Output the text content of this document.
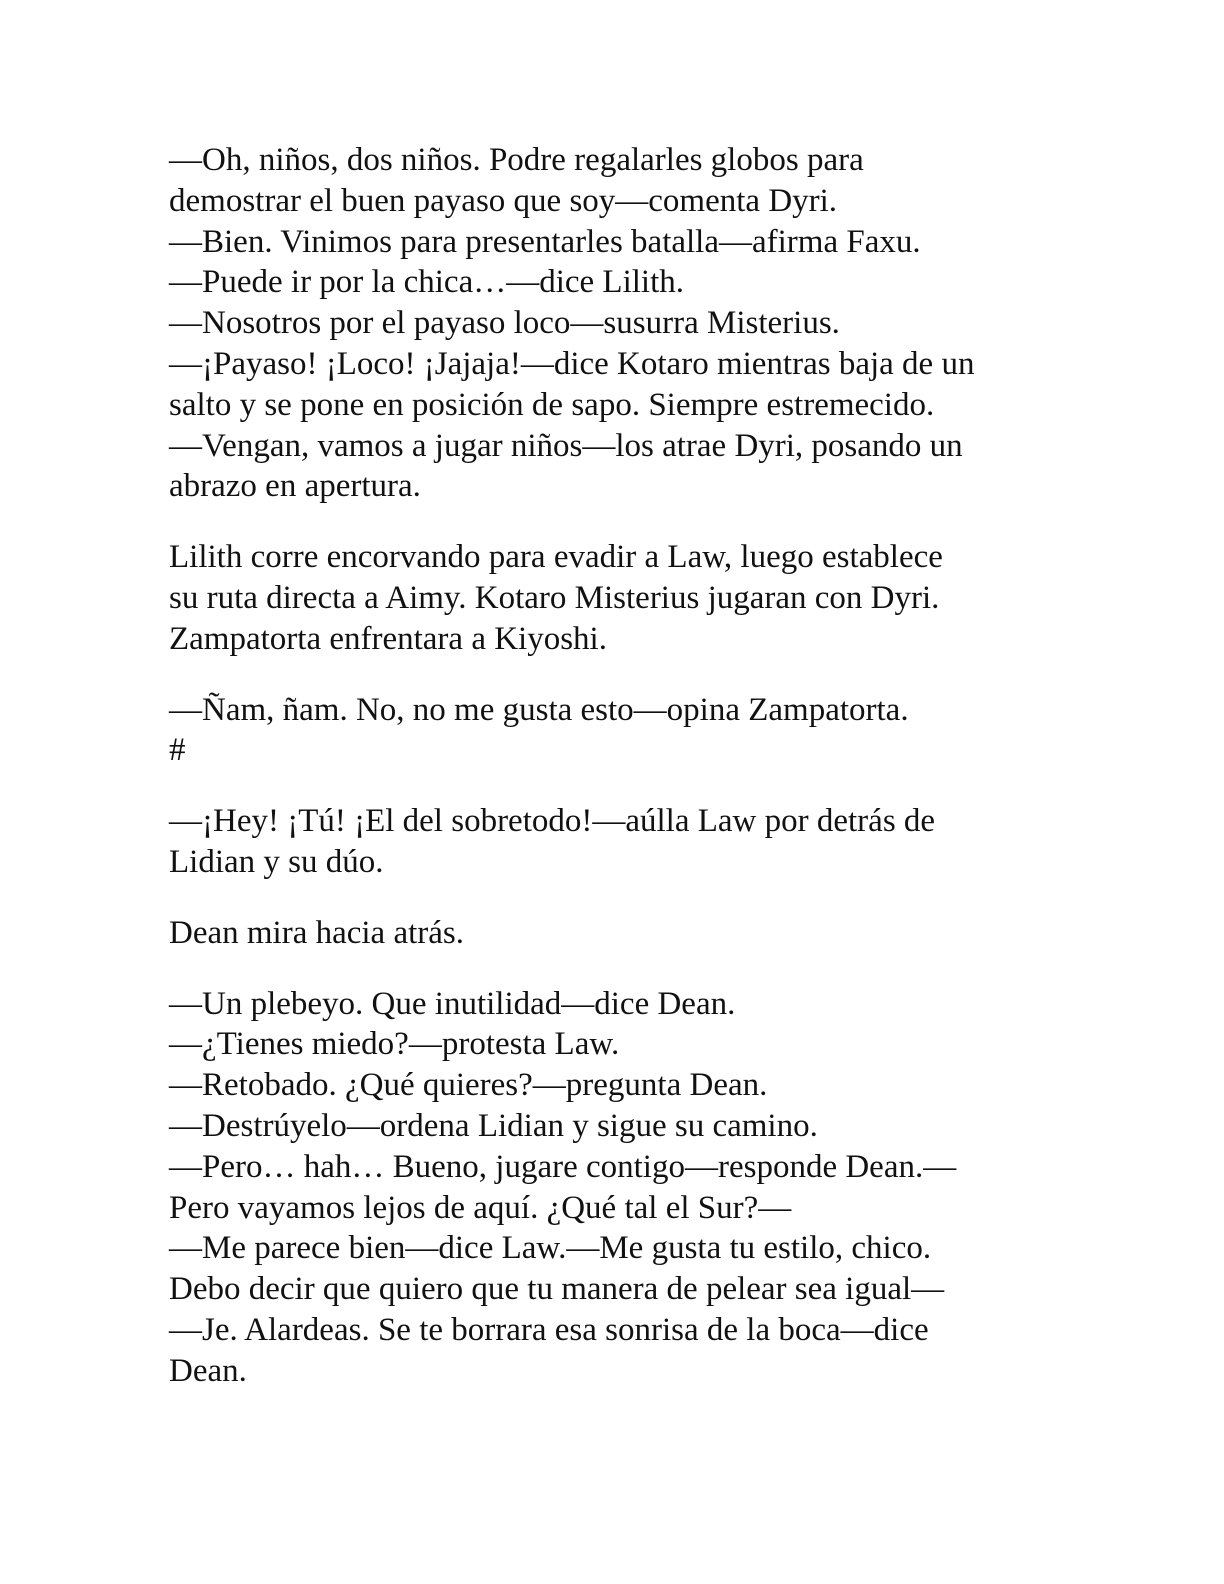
—Oh, niños, dos niños. Podre regalarles globos para
demostrar el buen payaso que soy—comenta Dyri.
—Bien. Vinimos para presentarles batalla—afirma Faxu.
—Puede ir por la chica…—dice Lilith.
—Nosotros por el payaso loco—susurra Misterius.
—¡Payaso! ¡Loco! ¡Jajaja!—dice Kotaro mientras baja de un
salto y se pone en posición de sapo. Siempre estremecido.
—Vengan, vamos a jugar niños—los atrae Dyri, posando un
abrazo en apertura.

Lilith corre encorvando para evadir a Law, luego establece
su ruta directa a Aimy. Kotaro Misterius jugaran con Dyri.
Zampatorta enfrentara a Kiyoshi.

—Ñam, ñam. No, no me gusta esto—opina Zampatorta.
#

—¡Hey! ¡Tú! ¡El del sobretodo!—aúlla Law por detrás de
Lidian y su dúo.

Dean mira hacia atrás.

—Un plebeyo. Que inutilidad—dice Dean.
—¿Tienes miedo?—protesta Law.
—Retobado. ¿Qué quieres?—pregunta Dean.
—Destrúyelo—ordena Lidian y sigue su camino.
—Pero… hah… Bueno, jugare contigo—responde Dean.—
Pero vayamos lejos de aquí. ¿Qué tal el Sur?—
—Me parece bien—dice Law.—Me gusta tu estilo, chico.
Debo decir que quiero que tu manera de pelear sea igual—
—Je. Alardeas. Se te borrara esa sonrisa de la boca—dice
Dean.
